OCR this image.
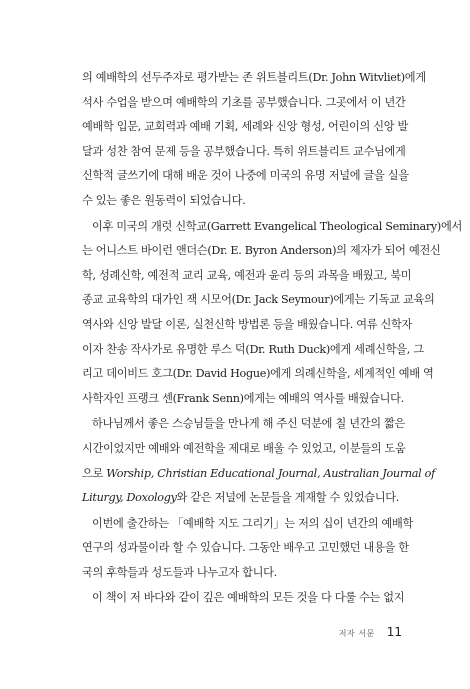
의 예배학의 선두주자로 평가받는 존 위트블리트(Dr. John Witvliet)에게
석사 수업을 받으며 예배학의 기초를 공부했습니다. 그곳에서 이 년간
예배학 입문, 교회력과 예배 기획, 세례와 신앙 형성, 어린이의 신앙 발
달과 성찬 참여 문제 등을 공부했습니다. 특히 위트블리트 교수님에게
신학적 글쓰기에 대해 배운 것이 나중에 미국의 유명 저널에 글을 실을
수 있는 좋은 원동력이 되었습니다.
이후 미국의 개럿 신학교(Garrett Evangelical Theological Seminary)에서
는 어니스트 바이런 앤더슨(Dr. E. Byron Anderson)의 제자가 되어 예전신
학, 성례신학, 예전적 교리 교육, 예전과 윤리 등의 과목을 배웠고, 북미
종교 교육학의 대가인 잭 시모어(Dr. Jack Seymour)에게는 기독교 교육의
역사와 신앙 발달 이론, 실천신학 방법론 등을 배웠습니다. 여류 신학자
이자 찬송 작사가로 유명한 루스 덕(Dr. Ruth Duck)에게 세례신학을, 그
리고 데이비드 호그(Dr. David Hogue)에게 의례신학을, 세계적인 예배 역
사학자인 프랭크 센(Frank Senn)에게는 예배의 역사를 배웠습니다.
하나님께서 좋은 스승님들을 만나게 해 주신 덕분에 칠 년간의 짧은
시간이었지만 예배와 예전학을 제대로 배울 수 있었고, 이분들의 도움
으로 Worship, Christian Educational Journal, Australian Journal of
Liturgy, Doxology와 같은 저널에 논문들을 게재할 수 있었습니다.
이번에 출간하는 「예배학 지도 그리기」는 저의 십이 년간의 예배학
연구의 성과물이라 할 수 있습니다. 그동안 배우고 고민했던 내용을 한
국의 후학들과 성도들과 나누고자 합니다.
이 책이 저 바다와 같이 깊은 예배학의 모든 것을 다 다룰 수는 없지
저자 서문 11
